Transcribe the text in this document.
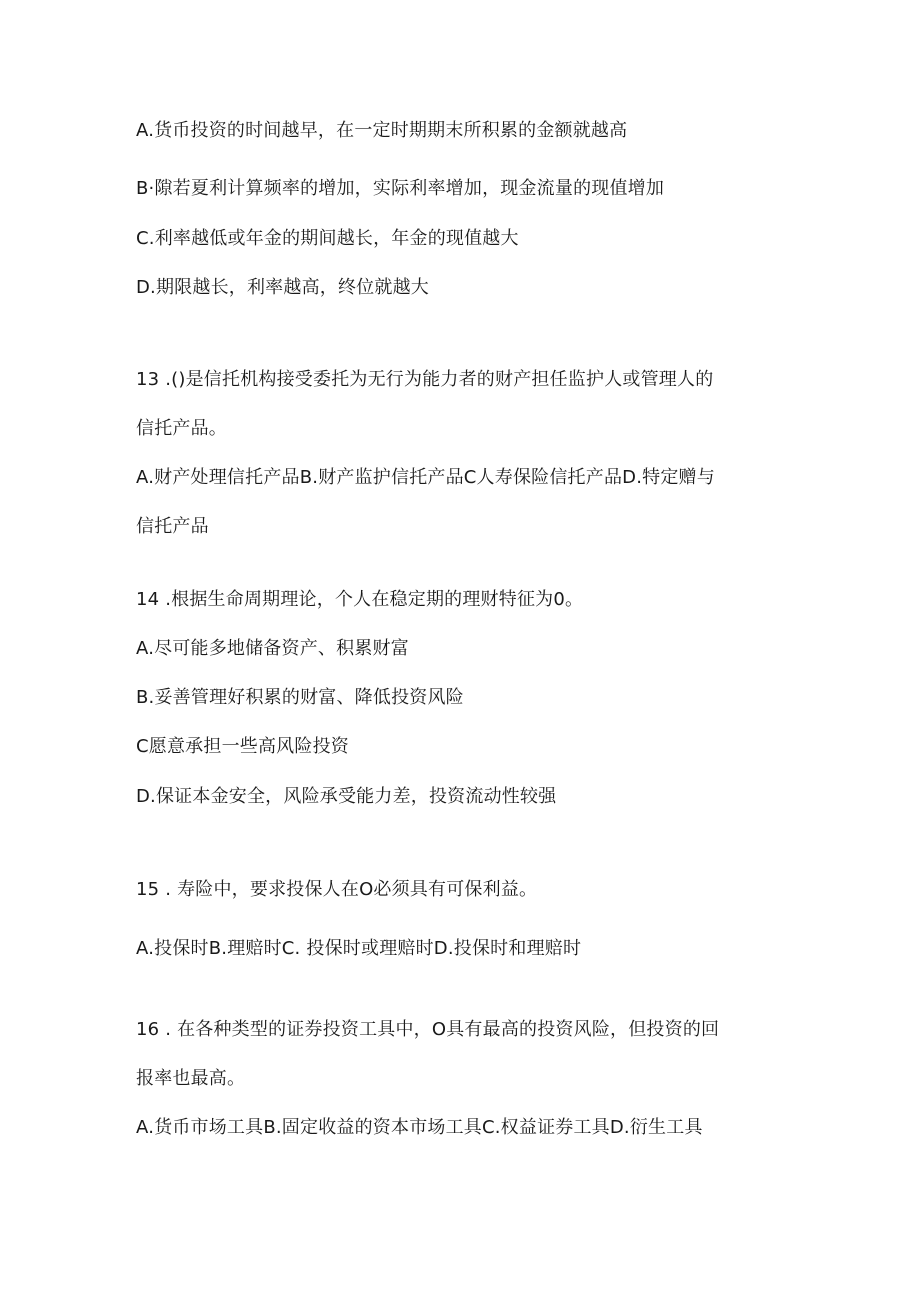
A.货币投资的时间越早，在一定时期期末所积累的金额就越高
B·隙若夏利计算频率的增加，实际利率增加，现金流量的现值增加
C.利率越低或年金的期间越长，年金的现值越大
D.期限越长，利率越高，终位就越大
13 .()是信托机构接受委托为无行为能力者的财产担任监护人或管理人的
信托产品。
A.财产处理信托产品B.财产监护信托产品C人寿保险信托产品D.特定赠与
信托产品
14 .根据生命周期理论，个人在稳定期的理财特征为0。
A.尽可能多地储备资产、积累财富
B.妥善管理好积累的财富、降低投资风险
C愿意承担一些高风险投资
D.保证本金安全，风险承受能力差，投资流动性较强
15 . 寿险中，要求投保人在O必须具有可保利益。
A.投保时B.理赔时C. 投保时或理赔时D.投保时和理赔时
16 . 在各种类型的证券投资工具中，O具有最高的投资风险，但投资的回
报率也最高。
A.货币市场工具B.固定收益的资本市场工具C.权益证券工具D.衍生工具
